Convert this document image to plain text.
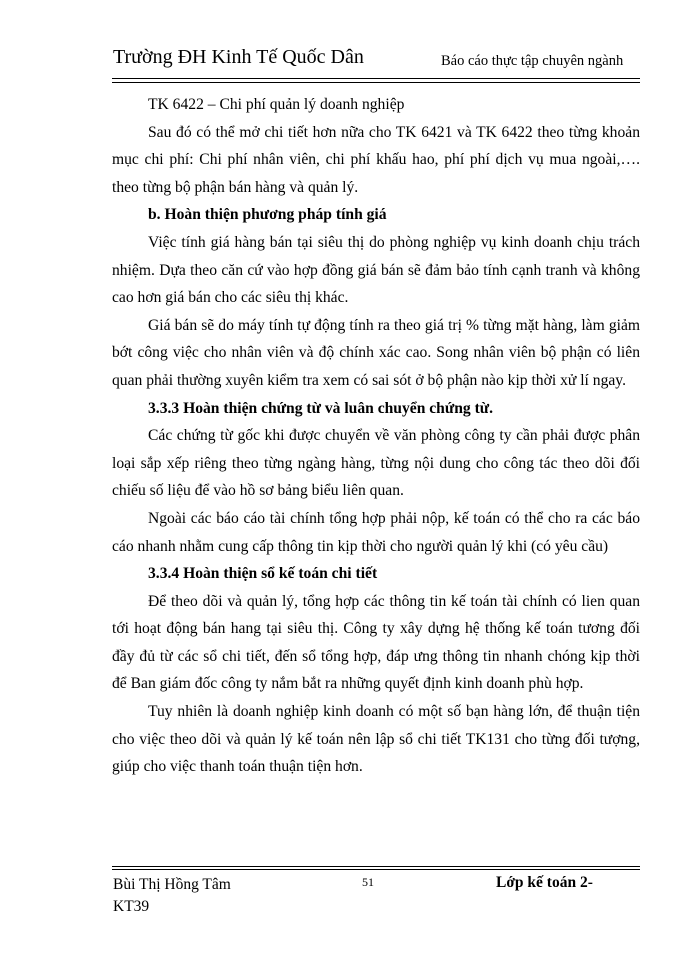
Trường ĐH Kinh Tế Quốc Dân	Báo cáo thực tập chuyên ngành

TK 6422 – Chi phí quản lý doanh nghiệp

Sau đó có thể mở chi tiết hơn nữa cho TK 6421 và TK 6422 theo từng khoản mục chi phí: Chi phí nhân viên, chi phí khấu hao, phí phí dịch vụ mua ngoài,…. theo từng bộ phận bán hàng và quản lý.

b. Hoàn thiện phương pháp tính giá

Việc tính giá hàng bán tại siêu thị do phòng nghiệp vụ kinh doanh chịu trách nhiệm. Dựa theo căn cứ vào hợp đồng giá bán sẽ đảm bảo tính cạnh tranh và không cao hơn giá bán cho các siêu thị khác.

Giá bán sẽ do máy tính tự động tính ra theo giá trị % từng mặt hàng, làm giảm bớt công việc cho nhân viên và độ chính xác cao. Song nhân viên bộ phận có liên quan phải thường xuyên kiểm tra xem có sai sót ở bộ phận nào kịp thời xử lí ngay.

3.3.3 Hoàn thiện chứng từ và luân chuyển chứng từ.

Các chứng từ gốc khi được chuyển về văn phòng công ty cần phải được phân loại sắp xếp riêng theo từng ngàng hàng, từng nội dung cho công tác theo dõi đối chiếu số liệu để vào hồ sơ bảng biểu liên quan.

Ngoài các báo cáo tài chính tổng hợp phải nộp, kế toán có thể cho ra các báo cáo nhanh nhằm cung cấp thông tin kịp thời cho người quản lý khi (có yêu cầu)

3.3.4 Hoàn thiện sổ kế toán chi tiết

Để theo dõi và quản lý, tổng hợp các thông tin kế toán tài chính có lien quan tới hoạt động bán hang tại siêu thị. Công ty xây dựng hệ thống kế toán tương đối đầy đủ từ các sổ chi tiết, đến sổ tổng hợp, đáp ưng thông tin nhanh chóng kịp thời để Ban giám đốc công ty nắm bắt ra những quyết định kinh doanh phù hợp.

Tuy nhiên là doanh nghiệp kinh doanh có một số bạn hàng lớn, để thuận tiện cho việc theo dõi và quản lý kế toán nên lập sổ chi tiết TK131 cho từng đối tượng, giúp cho việc thanh toán thuận tiện hơn.

Bùi Thị Hồng Tâm
KT39
51	Lớp kế toán 2-
